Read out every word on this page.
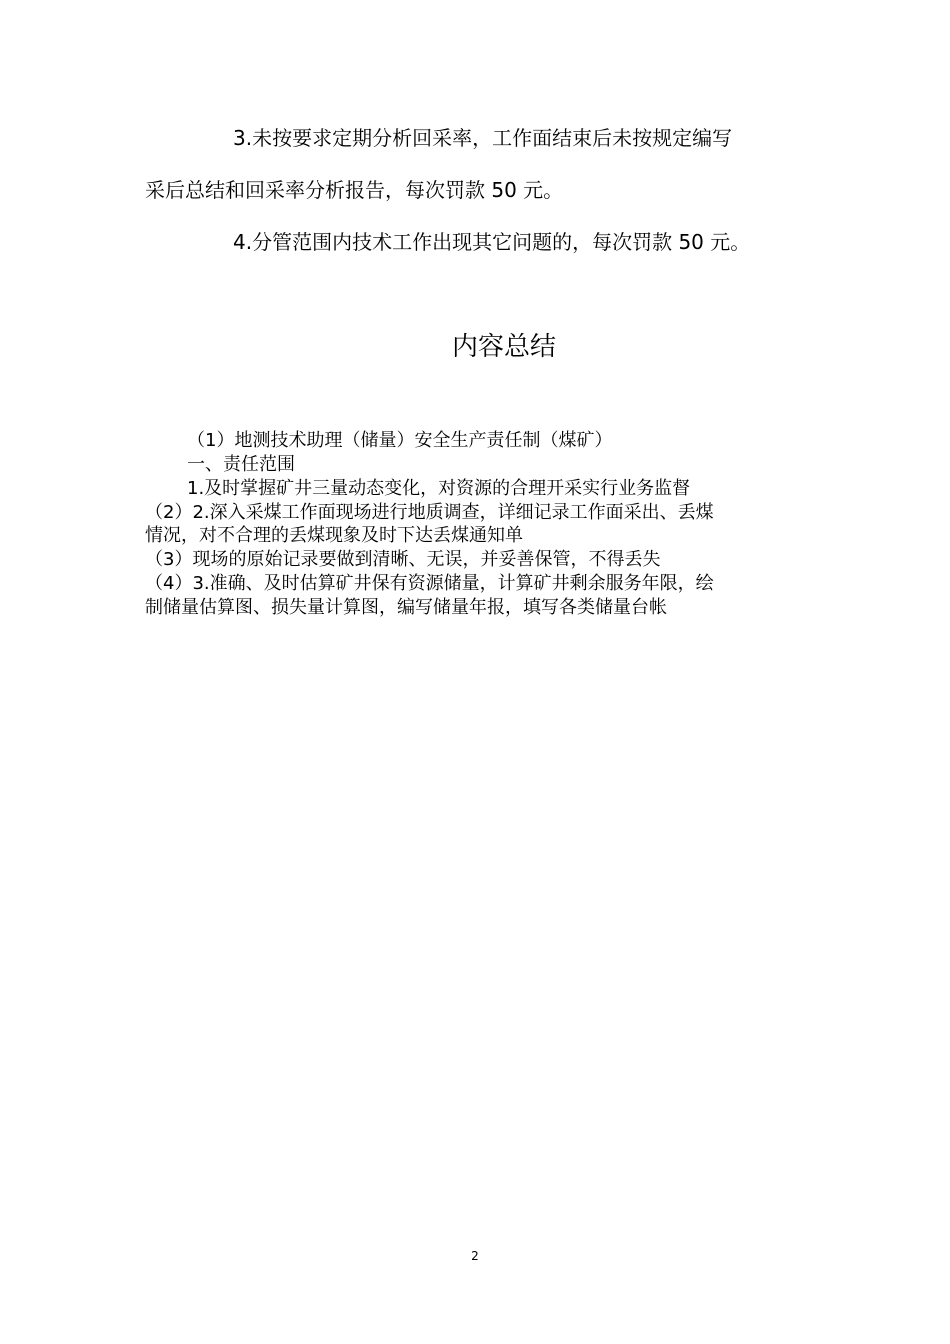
3.未按要求定期分析回采率，工作面结束后未按规定编写
采后总结和回采率分析报告，每次罚款 50 元。
4.分管范围内技术工作出现其它问题的，每次罚款 50 元。
内容总结
（1）地测技术助理（储量）安全生产责任制（煤矿）
一、责任范围
1.及时掌握矿井三量动态变化，对资源的合理开采实行业务监督
（2）2.深入采煤工作面现场进行地质调查，详细记录工作面采出、丢煤
情况，对不合理的丢煤现象及时下达丢煤通知单
（3）现场的原始记录要做到清晰、无误，并妥善保管，不得丢失
（4）3.准确、及时估算矿井保有资源储量，计算矿井剩余服务年限，绘
制储量估算图、损失量计算图，编写储量年报，填写各类储量台帐
2
